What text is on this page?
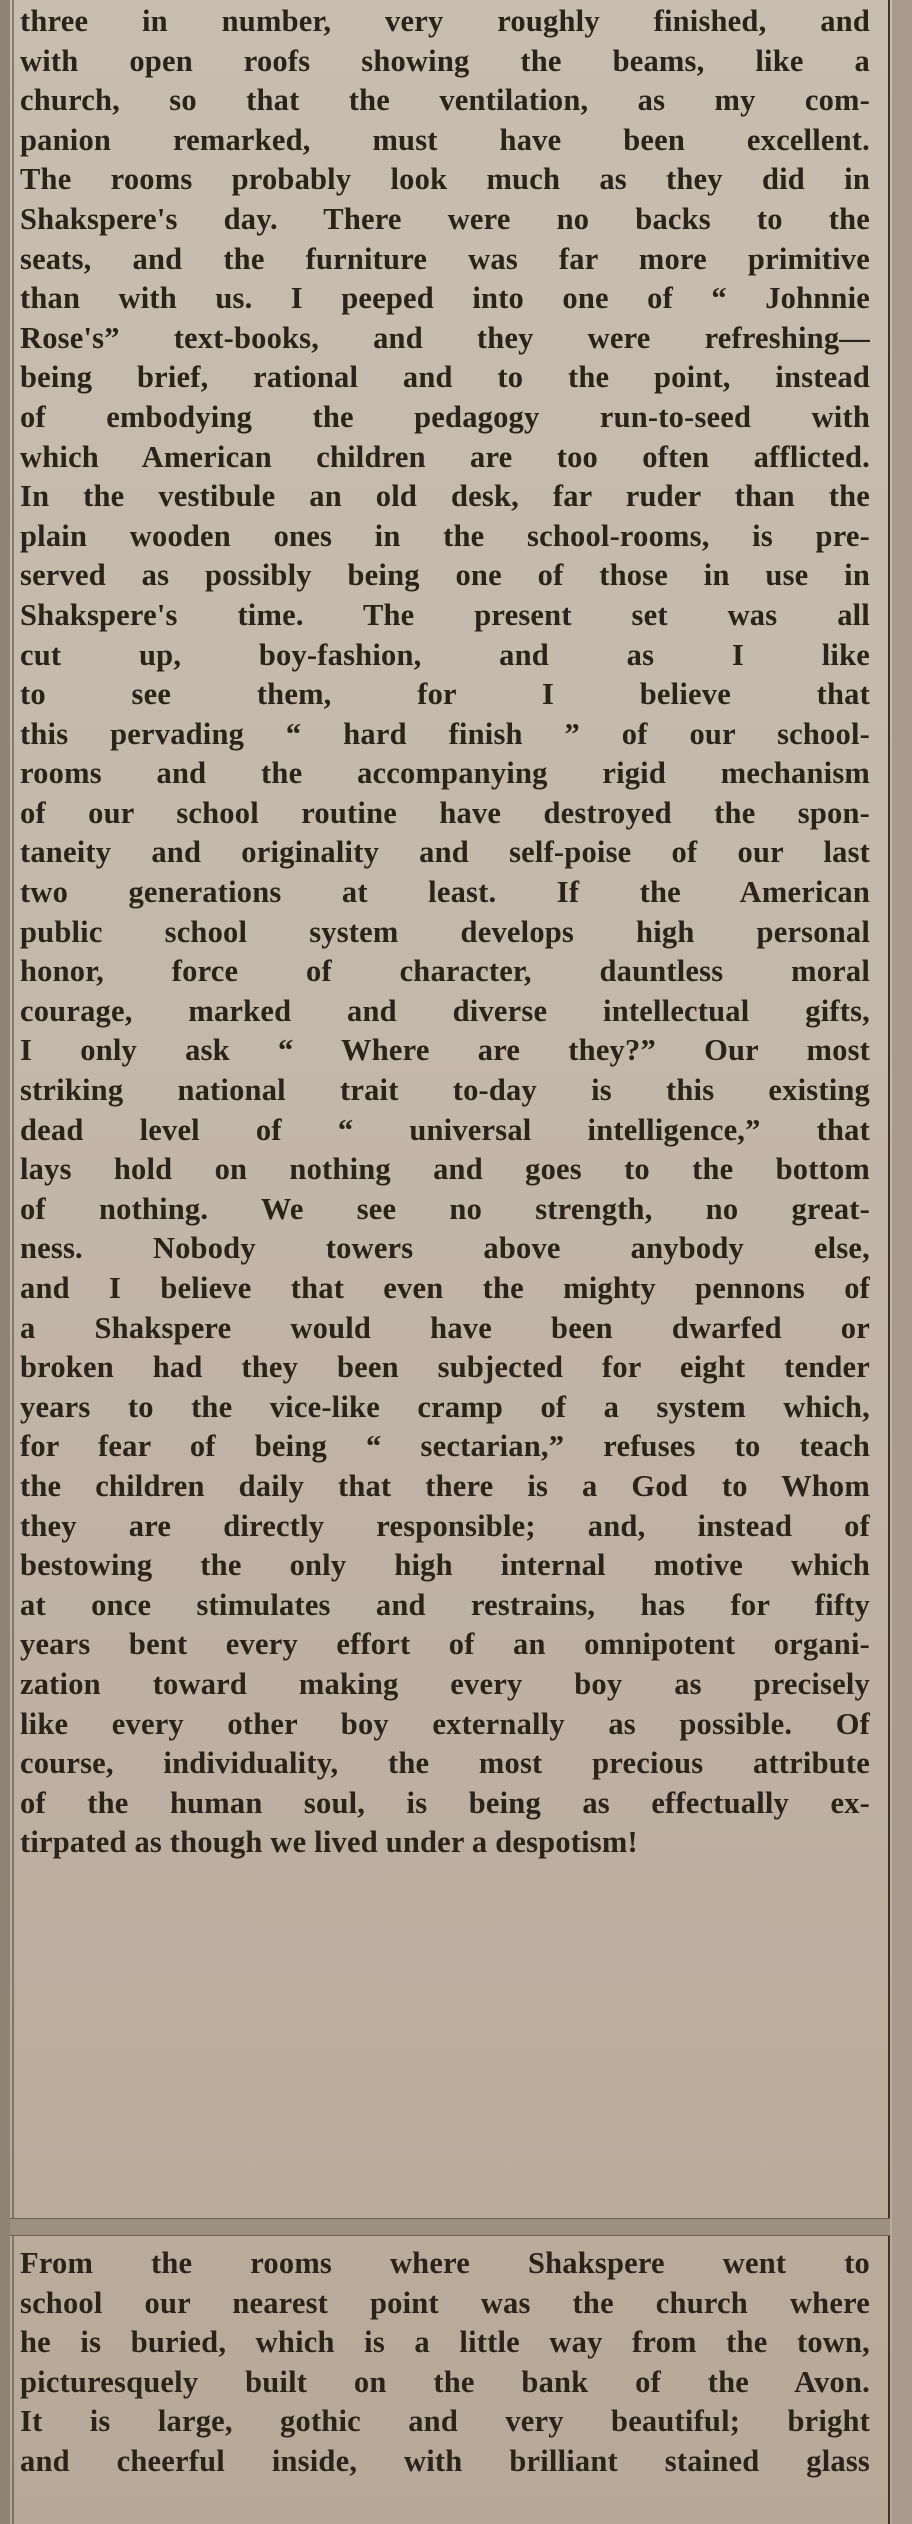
three in number, very roughly finished, and
with open roofs showing the beams, like a
church, so that the ventilation, as my com-
panion remarked, must have been excellent.
The rooms probably look much as they did in
Shakspere's day. There were no backs to the
seats, and the furniture was far more primitive
than with us. I peeped into one of “ Johnnie
Rose's” text-books, and they were refreshing—
being brief, rational and to the point, instead
of embodying the pedagogy run-to-seed with
which American children are too often afflicted.
In the vestibule an old desk, far ruder than the
plain wooden ones in the school-rooms, is pre-
served as possibly being one of those in use in
Shakspere's time. The present set was all
cut up, boy-fashion, and as I like
to see them, for I believe that
this pervading “ hard finish ” of our school-
rooms and the accompanying rigid mechanism
of our school routine have destroyed the spon-
taneity and originality and self-poise of our last
two generations at least. If the American
public school system develops high personal
honor, force of character, dauntless moral
courage, marked and diverse intellectual gifts,
I only ask “ Where are they?” Our most
striking national trait to-day is this existing
dead level of “ universal intelligence,” that
lays hold on nothing and goes to the bottom
of nothing. We see no strength, no great-
ness. Nobody towers above anybody else,
and I believe that even the mighty pennons of
a Shakspere would have been dwarfed or
broken had they been subjected for eight tender
years to the vice-like cramp of a system which,
for fear of being “ sectarian,” refuses to teach
the children daily that there is a God to Whom
they are directly responsible; and, instead of
bestowing the only high internal motive which
at once stimulates and restrains, has for fifty
years bent every effort of an omnipotent organi-
zation toward making every boy as precisely
like every other boy externally as possible. Of
course, individuality, the most precious attribute
of the human soul, is being as effectually ex-
tirpated as though we lived under a despotism!
From the rooms where Shakspere went to
school our nearest point was the church where
he is buried, which is a little way from the town,
picturesquely built on the bank of the Avon.
It is large, gothic and very beautiful; bright
and cheerful inside, with brilliant stained glass
